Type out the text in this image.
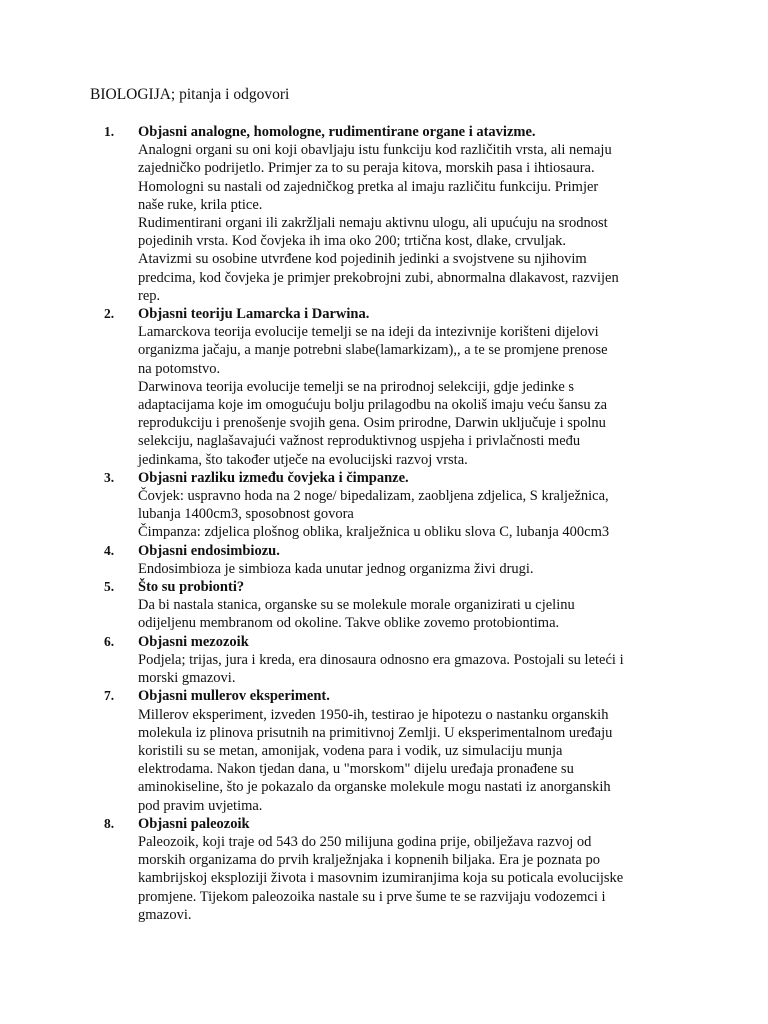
BIOLOGIJA; pitanja i odgovori
1.	Objasni analogne, homologne, rudimentirane organe i atavizme.
Analogni organi su oni koji obavljaju istu funkciju kod različitih vrsta, ali nemaju
zajedničko podrijetlo. Primjer za to su peraja kitova, morskih pasa i ihtiosaura.
Homologni su nastali od zajedničkog pretka al imaju različitu funkciju. Primjer
naše ruke, krila ptice.
Rudimentirani organi ili zakržljali nemaju aktivnu ulogu, ali upućuju na srodnost
pojedinih vrsta. Kod čovjeka ih ima oko 200; trtična kost, dlake, crvuljak.
Atavizmi su osobine utvrđene kod pojedinih jedinki a svojstvene su njihovim
predcima, kod čovjeka je primjer prekobrojni zubi, abnormalna dlakavost, razvijen
rep.
2.	Objasni teoriju Lamarcka i Darwina.
Lamarckova teorija evolucije temelji se na ideji da intezivnije korišteni dijelovi
organizma jačaju, a manje potrebni slabe(lamarkizam),, a te se promjene prenose
na potomstvo.
Darwinova teorija evolucije temelji se na prirodnoj selekciji, gdje jedinke s
adaptacijama koje im omogućuju bolju prilagodbu na okoliš imaju veću šansu za
reprodukciju i prenošenje svojih gena. Osim prirodne, Darwin uključuje i spolnu
selekciju, naglašavajući važnost reproduktivnog uspjeha i privlačnosti među
jedinkama, što također utječe na evolucijski razvoj vrsta.
3.	Objasni razliku između čovjeka i čimpanze.
Čovjek: uspravno hoda na 2 noge/ bipedalizam, zaobljena zdjelica, S kralježnica,
lubanja 1400cm3, sposobnost govora
Čimpanza: zdjelica plošnog oblika, kralježnica u obliku slova C, lubanja 400cm3
4.	Objasni endosimbiozu.
Endosimbioza je simbioza kada unutar jednog organizma živi drugi.
5.	Što su probionti?
Da bi nastala stanica, organske su se molekule morale organizirati u cjelinu
odijeljenu membranom od okoline. Takve oblike zovemo protobiontima.
6.	Objasni mezozoik
Podjela; trijas, jura i kreda, era dinosaura odnosno era gmazova. Postojali su leteći i
morski gmazovi.
7.	Objasni mullerov eksperiment.
Millerov eksperiment, izveden 1950-ih, testirao je hipotezu o nastanku organskih
molekula iz plinova prisutnih na primitivnoj Zemlji. U eksperimentalnom uređaju
koristili su se metan, amonijak, vodena para i vodik, uz simulaciju munja
elektrodama. Nakon tjedan dana, u "morskom" dijelu uređaja pronađene su
aminokiseline, što je pokazalo da organske molekule mogu nastati iz anorganskih
pod pravim uvjetima.
8.	Objasni paleozoik
Paleozoik, koji traje od 543 do 250 milijuna godina prije, obilježava razvoj od
morskih organizama do prvih kralježnjaka i kopnenih biljaka. Era je poznata po
kambrijskoj eksploziji života i masovnim izumiranjima koja su poticala evolucijske
promjene. Tijekom paleozoika nastale su i prve šume te se razvijaju vodozemci i
gmazovi.
